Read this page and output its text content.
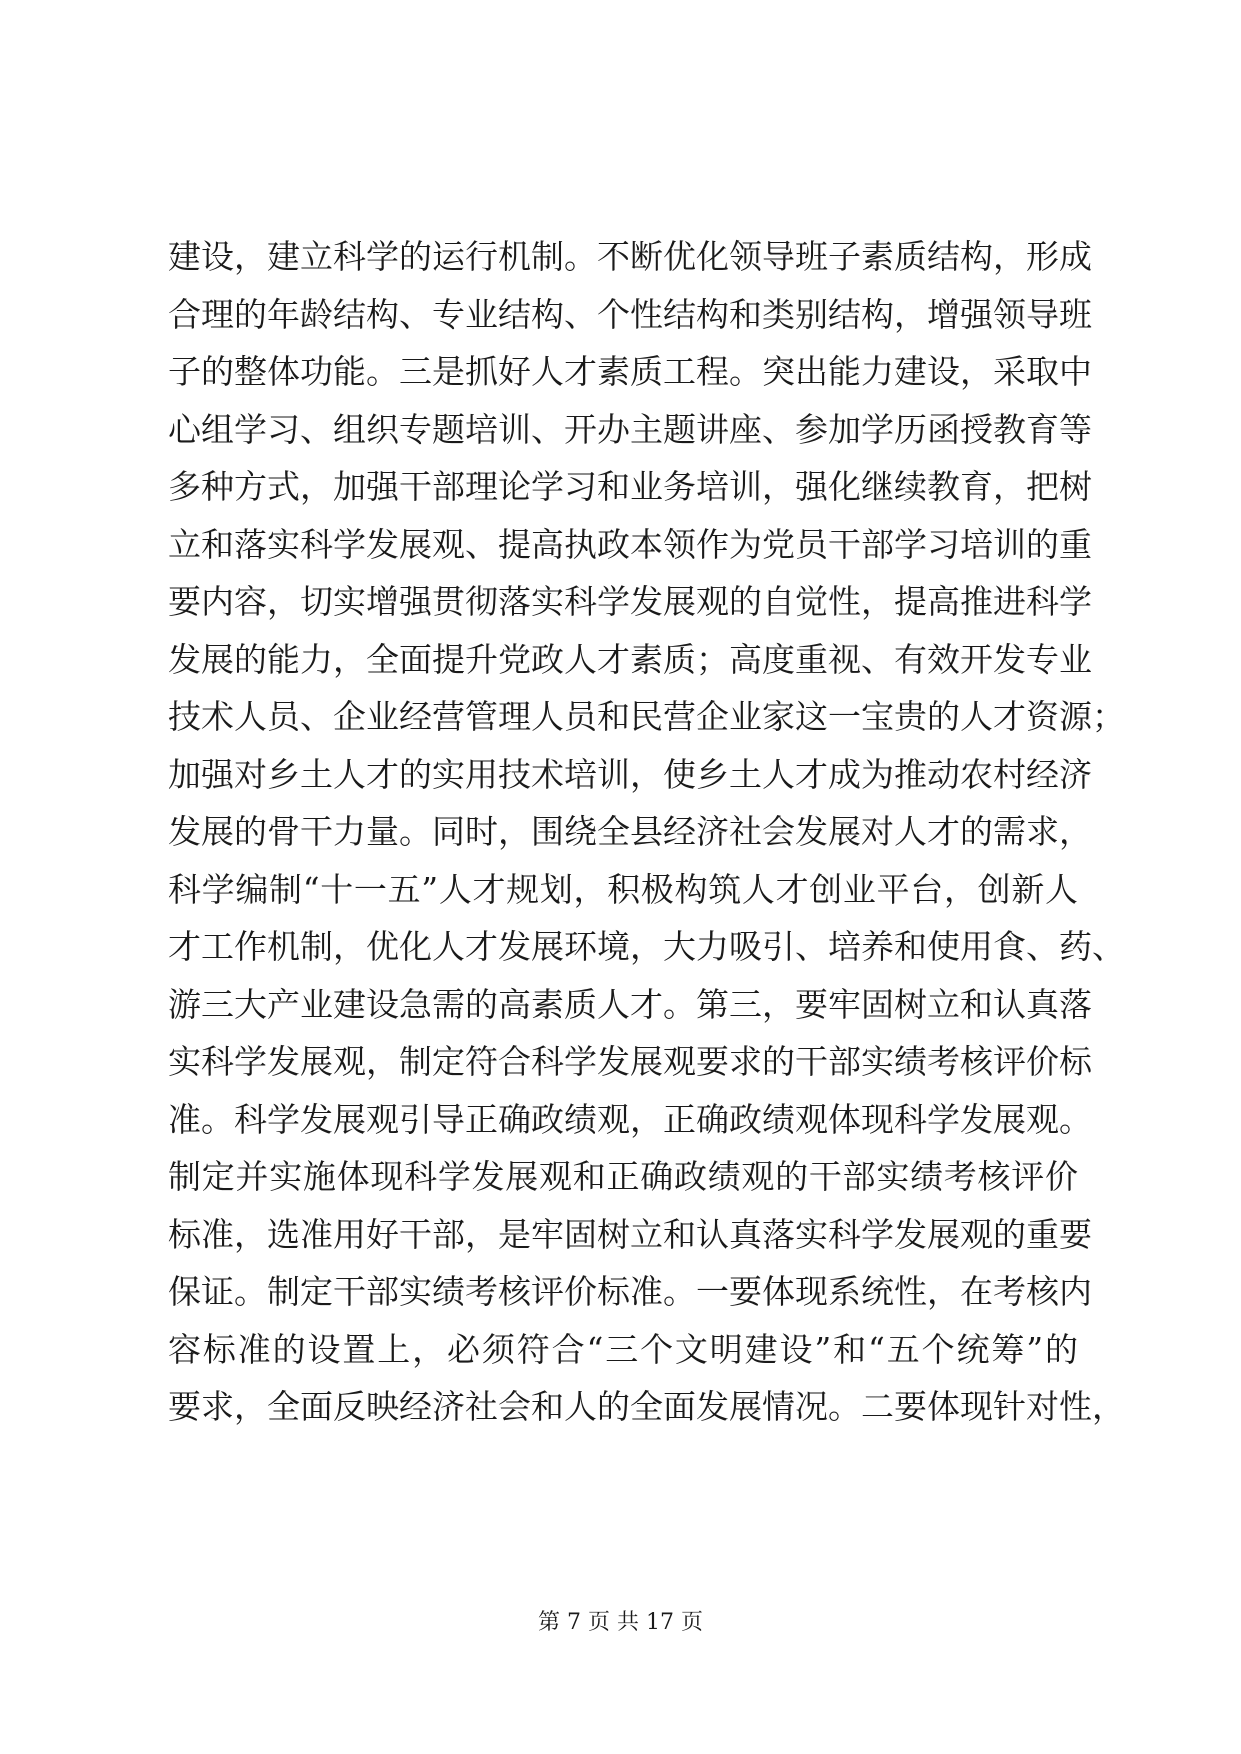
建设，建立科学的运行机制。不断优化领导班子素质结构，形成
合理的年龄结构、专业结构、个性结构和类别结构，增强领导班
子的整体功能。三是抓好人才素质工程。突出能力建设，采取中
心组学习、组织专题培训、开办主题讲座、参加学历函授教育等
多种方式，加强干部理论学习和业务培训，强化继续教育，把树
立和落实科学发展观、提高执政本领作为党员干部学习培训的重
要内容，切实增强贯彻落实科学发展观的自觉性，提高推进科学
发展的能力，全面提升党政人才素质；高度重视、有效开发专业
技术人员、企业经营管理人员和民营企业家这一宝贵的人才资源；
加强对乡土人才的实用技术培训，使乡土人才成为推动农村经济
发展的骨干力量。同时，围绕全县经济社会发展对人才的需求，
科学编制“十一五”人才规划，积极构筑人才创业平台，创新人
才工作机制，优化人才发展环境，大力吸引、培养和使用食、药、
游三大产业建设急需的高素质人才。第三，要牢固树立和认真落
实科学发展观，制定符合科学发展观要求的干部实绩考核评价标
准。科学发展观引导正确政绩观，正确政绩观体现科学发展观。
制定并实施体现科学发展观和正确政绩观的干部实绩考核评价
标准，选准用好干部，是牢固树立和认真落实科学发展观的重要
保证。制定干部实绩考核评价标准。一要体现系统性，在考核内
容标准的设置上，必须符合“三个文明建设”和“五个统筹”的
要求，全面反映经济社会和人的全面发展情况。二要体现针对性，
第 7 页 共 17 页
